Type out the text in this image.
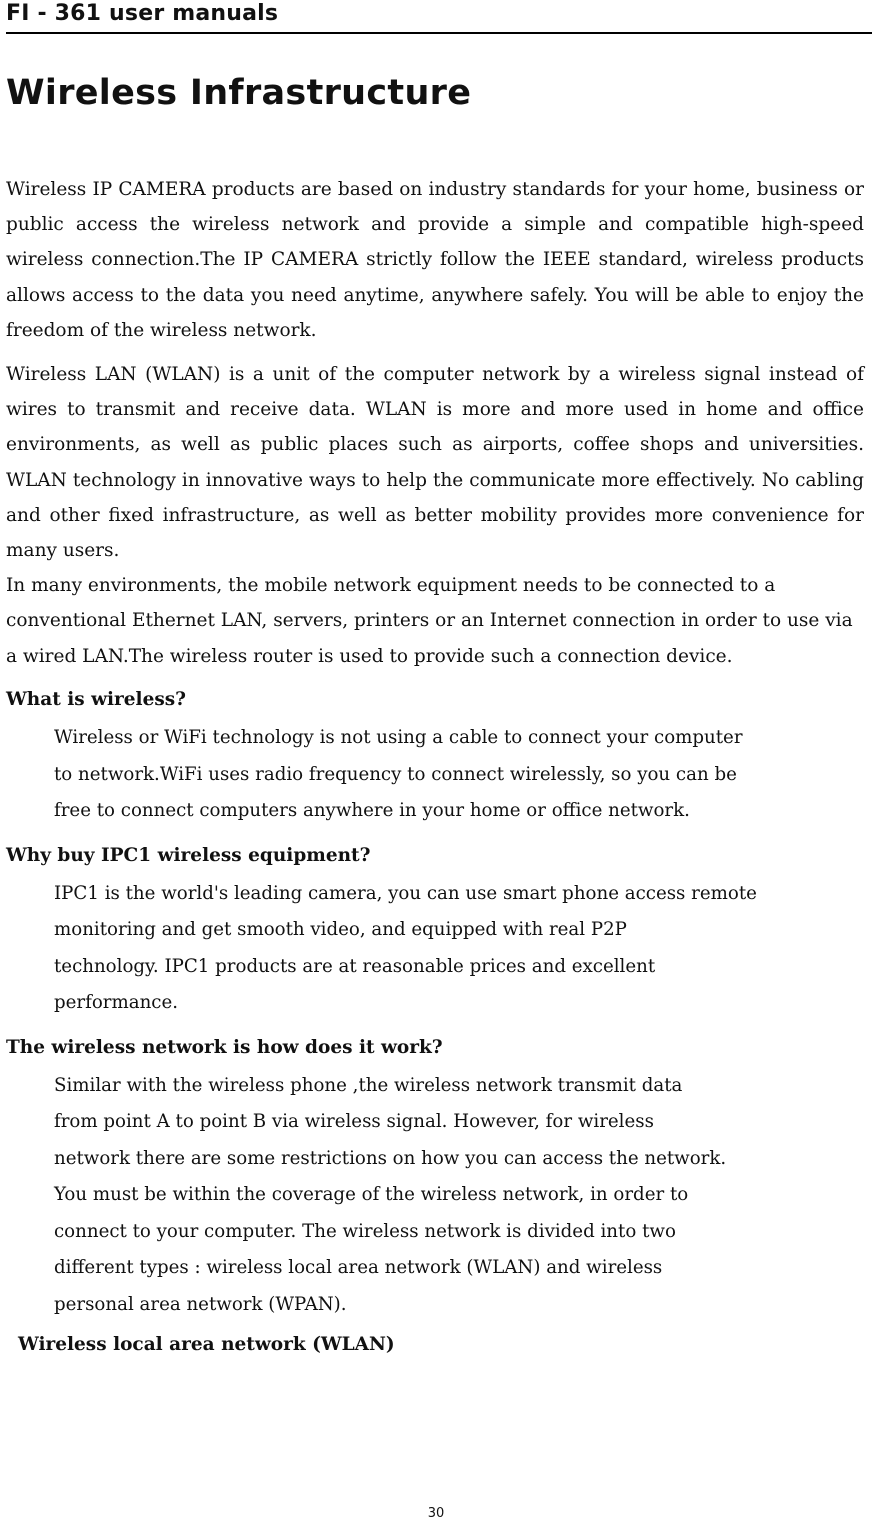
FI - 361 user manuals
Wireless Infrastructure

Wireless IP CAMERA products are based on industry standards for your home, business or public access the wireless network and provide a simple and compatible high-speed wireless connection.The IP CAMERA strictly follow the IEEE standard, wireless products allows access to the data you need anytime, anywhere safely. You will be able to enjoy the freedom of the wireless network.

Wireless LAN (WLAN) is a unit of the computer network by a wireless signal instead of wires to transmit and receive data. WLAN is more and more used in home and office environments, as well as public places such as airports, coffee shops and universities. WLAN technology in innovative ways to help the communicate more effectively. No cabling and other fixed infrastructure, as well as better mobility provides more convenience for many users.

In many environments, the mobile network equipment needs to be connected to a conventional Ethernet LAN, servers, printers or an Internet connection in order to use via a wired LAN.The wireless router is used to provide such a connection device.

What is wireless?

Wireless or WiFi technology is not using a cable to connect your computer
to network.WiFi uses radio frequency to connect wirelessly, so you can be
free to connect computers anywhere in your home or office network.

Why buy IPC1 wireless equipment?

IPC1 is the world's leading camera, you can use smart phone access remote
monitoring and get smooth video, and equipped with real P2P
technology. IPC1 products are at reasonable prices and excellent
performance.

The wireless network is how does it work?

Similar with the wireless phone ,the wireless network transmit data
from point A to point B via wireless signal. However, for wireless
network there are some restrictions on how you can access the network.
You must be within the coverage of the wireless network, in order to
connect to your computer. The wireless network is divided into two
different types : wireless local area network (WLAN) and wireless
personal area network (WPAN).

Wireless local area network (WLAN)

30
